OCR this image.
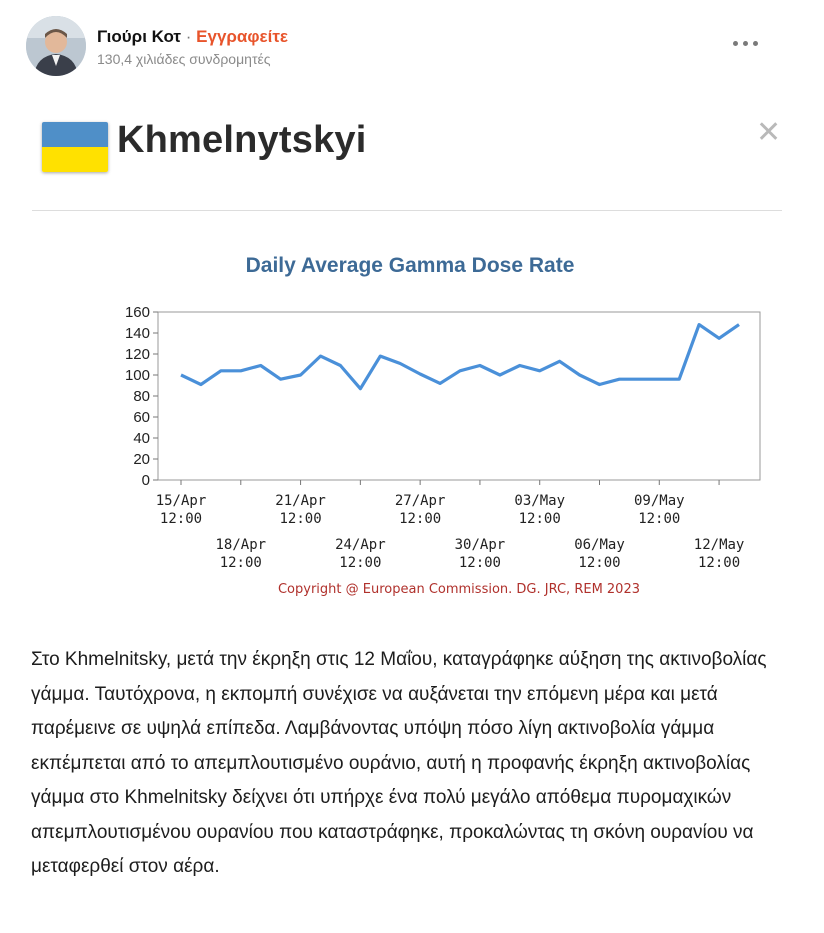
Γιούρι Κοτ · Εγγραφείτε
130,4 χιλιάδες συνδρομητές
Khmelnytskyi	✕
Daily Average Gamma Dose Rate
0
20
40
60
80
100
120
140
160
15/Apr
12:00
18/Apr
12:00
21/Apr
12:00
24/Apr
12:00
27/Apr
12:00
30/Apr
12:00
03/May
12:00
06/May
12:00
09/May
12:00
12/May
12:00
Copyright @ European Commission. DG. JRC, REM 2023
Στο Khmelnitsky, μετά την έκρηξη στις 12 Μαΐου, καταγράφηκε αύξηση της ακτινοβολίας γάμμα. Ταυτόχρονα, η εκπομπή συνέχισε να αυξάνεται την επόμενη μέρα και μετά παρέμεινε σε υψηλά επίπεδα. Λαμβάνοντας υπόψη πόσο λίγη ακτινοβολία γάμμα εκπέμπεται από το απεμπλουτισμένο ουράνιο, αυτή η προφανής έκρηξη ακτινοβολίας γάμμα στο Khmelnitsky δείχνει ότι υπήρχε ένα πολύ μεγάλο απόθεμα πυρομαχικών απεμπλουτισμένου ουρανίου που καταστράφηκε, προκαλώντας τη σκόνη ουρανίου να μεταφερθεί στον αέρα.
